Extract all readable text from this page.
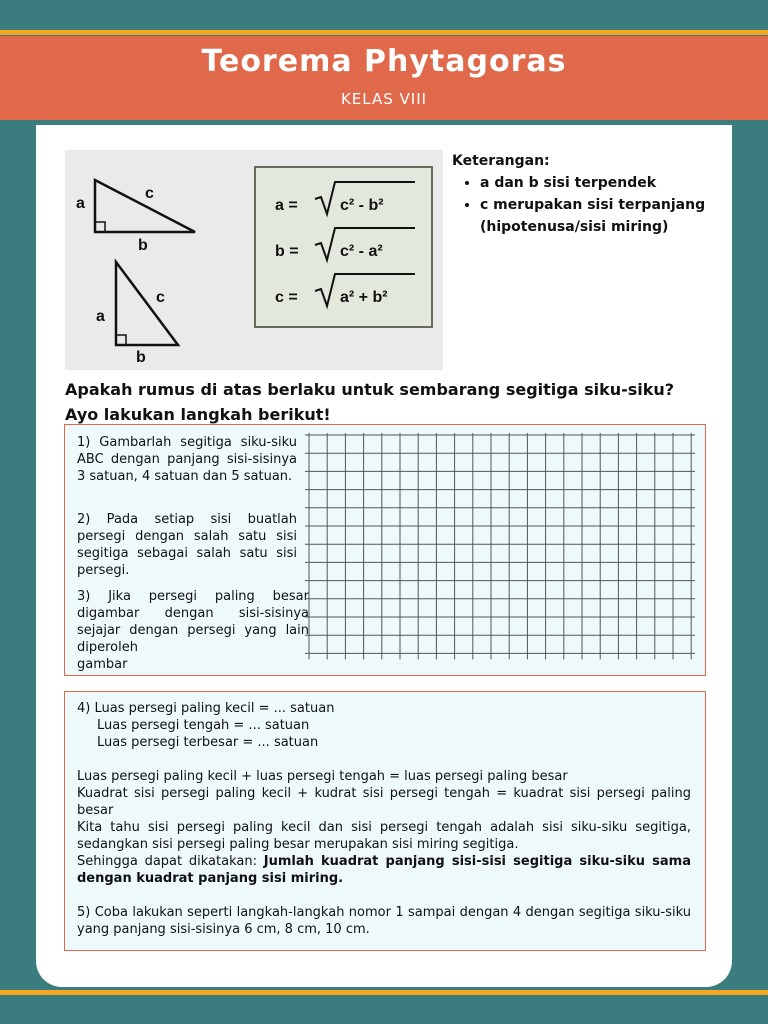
Teorema Phytagoras
KELAS VIII
a
b
c
a
b
c
a =	c² - b²
b =	c² - a²
c =	a² + b²
Keterangan:
• a dan b sisi terpendek
• c merupakan sisi terpanjang (hipotenusa/sisi miring)
Apakah rumus di atas berlaku untuk sembarang segitiga siku-siku?
Ayo lakukan langkah berikut!

1) Gambarlah segitiga siku-siku ABC dengan panjang sisi-sisinya 3 satuan, 4 satuan dan 5 satuan.

2) Pada setiap sisi buatlah persegi dengan salah satu sisi segitiga sebagai salah satu sisi persegi.

3) Jika persegi paling besar digambar dengan sisi-sisinya sejajar dengan persegi yang lain diperoleh

gambar

4) Luas persegi paling kecil = ... satuan
Luas persegi tengah = ... satuan
Luas persegi terbesar = ... satuan
Luas persegi paling kecil + luas persegi tengah = luas persegi paling besar
Kuadrat sisi persegi paling kecil + kudrat sisi persegi tengah = kuadrat sisi persegi paling besar
Kita tahu sisi persegi paling kecil dan sisi persegi tengah adalah sisi siku-siku segitiga, sedangkan sisi persegi paling besar merupakan sisi miring segitiga.
Sehingga dapat dikatakan: Jumlah kuadrat panjang sisi-sisi segitiga siku-siku sama dengan kuadrat panjang sisi miring.
5) Coba lakukan seperti langkah-langkah nomor 1 sampai dengan 4 dengan segitiga siku-siku yang panjang sisi-sisinya 6 cm, 8 cm, 10 cm.
